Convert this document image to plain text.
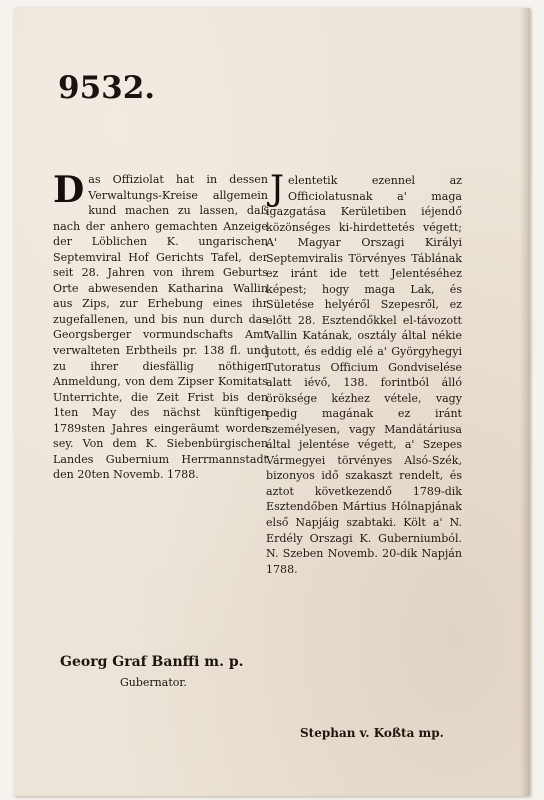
9532.

Das Offiziolat hat in dessen Verwaltungs-Kreise allgemein kund machen zu lassen, daß nach der anhero gemachten Anzeige der Löblichen K. ungarischen Septemviral Hof Gerichts Tafel, der seit 28. Jahren von ihrem Geburts Orte abwesenden Katharina Wallin aus Zips, zur Erhebung eines ihr zugefallenen, und bis nun durch das Georgsberger vormundschafts Amt verwalteten Erbtheils pr. 138 fl. und zu ihrer diesfällig nöthigen Anmeldung, von dem Zipser Komitats Unterrichte, die Zeit Frist bis den 1ten May des nächst künftigen 1789sten Jahres eingeräumt worden sey. Von dem K. Siebenbürgischen Landes Gubernium Herrmannstadt den 20ten Novemb. 1788.

Jelentetik ezennel az Officiolatusnak a' maga igazgatása Kerületiben iéjendő közönséges ki-hirdettetés végett; A' Magyar Orszagi Királyi Septemviralis Törvényes Táblának ez iránt ide tett Jelentéséhez képest; hogy maga Lak, és Sületése helyéről Szepesről, ez előtt 28. Esztendőkkel el-távozott Vallin Katának, osztály által nékie jutott, és eddig elé a' Györgyhegyi Tutoratus Officium Gondviselése alatt iévő, 138. forintból álló öröksége kézhez vétele, vagy pedig magának ez iránt személyesen, vagy Mandátáriusa által jelentése végett, a' Szepes Vármegyei törvényes Alsó-Szék, bizonyos idő szakaszt rendelt, és aztot következendő 1789-dik Esztendőben Mártius Hólnapjának első Napjáig szabtaki. Költ a' N. Erdély Orszagi K. Guberniumból. N. Szeben Novemb. 20-dik Napján 1788.

Georg Graf Banffi m. p.
Gubernator.
Stephan v. Koßta mp.
